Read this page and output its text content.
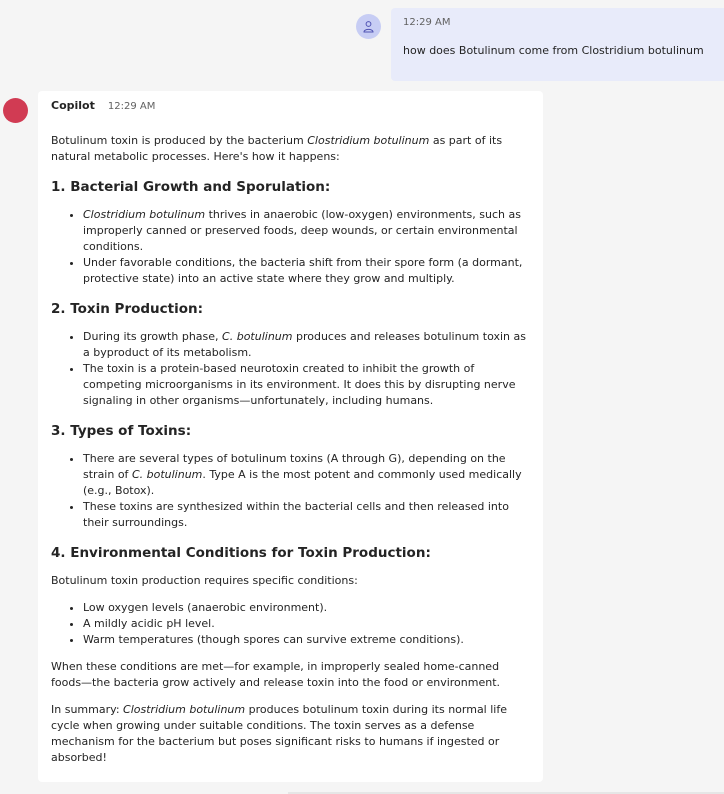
12:29 AM
how does Botulinum come from Clostridium botulinum
Copilot 12:29 AM

Botulinum toxin is produced by the bacterium Clostridium botulinum as part of its natural metabolic processes. Here's how it happens:

1. Bacterial Growth and Sporulation:
• Clostridium botulinum thrives in anaerobic (low-oxygen) environments, such as improperly canned or preserved foods, deep wounds, or certain environmental conditions.
• Under favorable conditions, the bacteria shift from their spore form (a dormant, protective state) into an active state where they grow and multiply.
2. Toxin Production:
• During its growth phase, C. botulinum produces and releases botulinum toxin as a byproduct of its metabolism.
• The toxin is a protein-based neurotoxin created to inhibit the growth of competing microorganisms in its environment. It does this by disrupting nerve signaling in other organisms—unfortunately, including humans.
3. Types of Toxins:
• There are several types of botulinum toxins (A through G), depending on the strain of C. botulinum. Type A is the most potent and commonly used medically (e.g., Botox).
• These toxins are synthesized within the bacterial cells and then released into their surroundings.
4. Environmental Conditions for Toxin Production:

Botulinum toxin production requires specific conditions:

• Low oxygen levels (anaerobic environment).
• A mildly acidic pH level.
• Warm temperatures (though spores can survive extreme conditions).

When these conditions are met—for example, in improperly sealed home-canned foods—the bacteria grow actively and release toxin into the food or environment.

In summary: Clostridium botulinum produces botulinum toxin during its normal life cycle when growing under suitable conditions. The toxin serves as a defense mechanism for the bacterium but poses significant risks to humans if ingested or absorbed!
